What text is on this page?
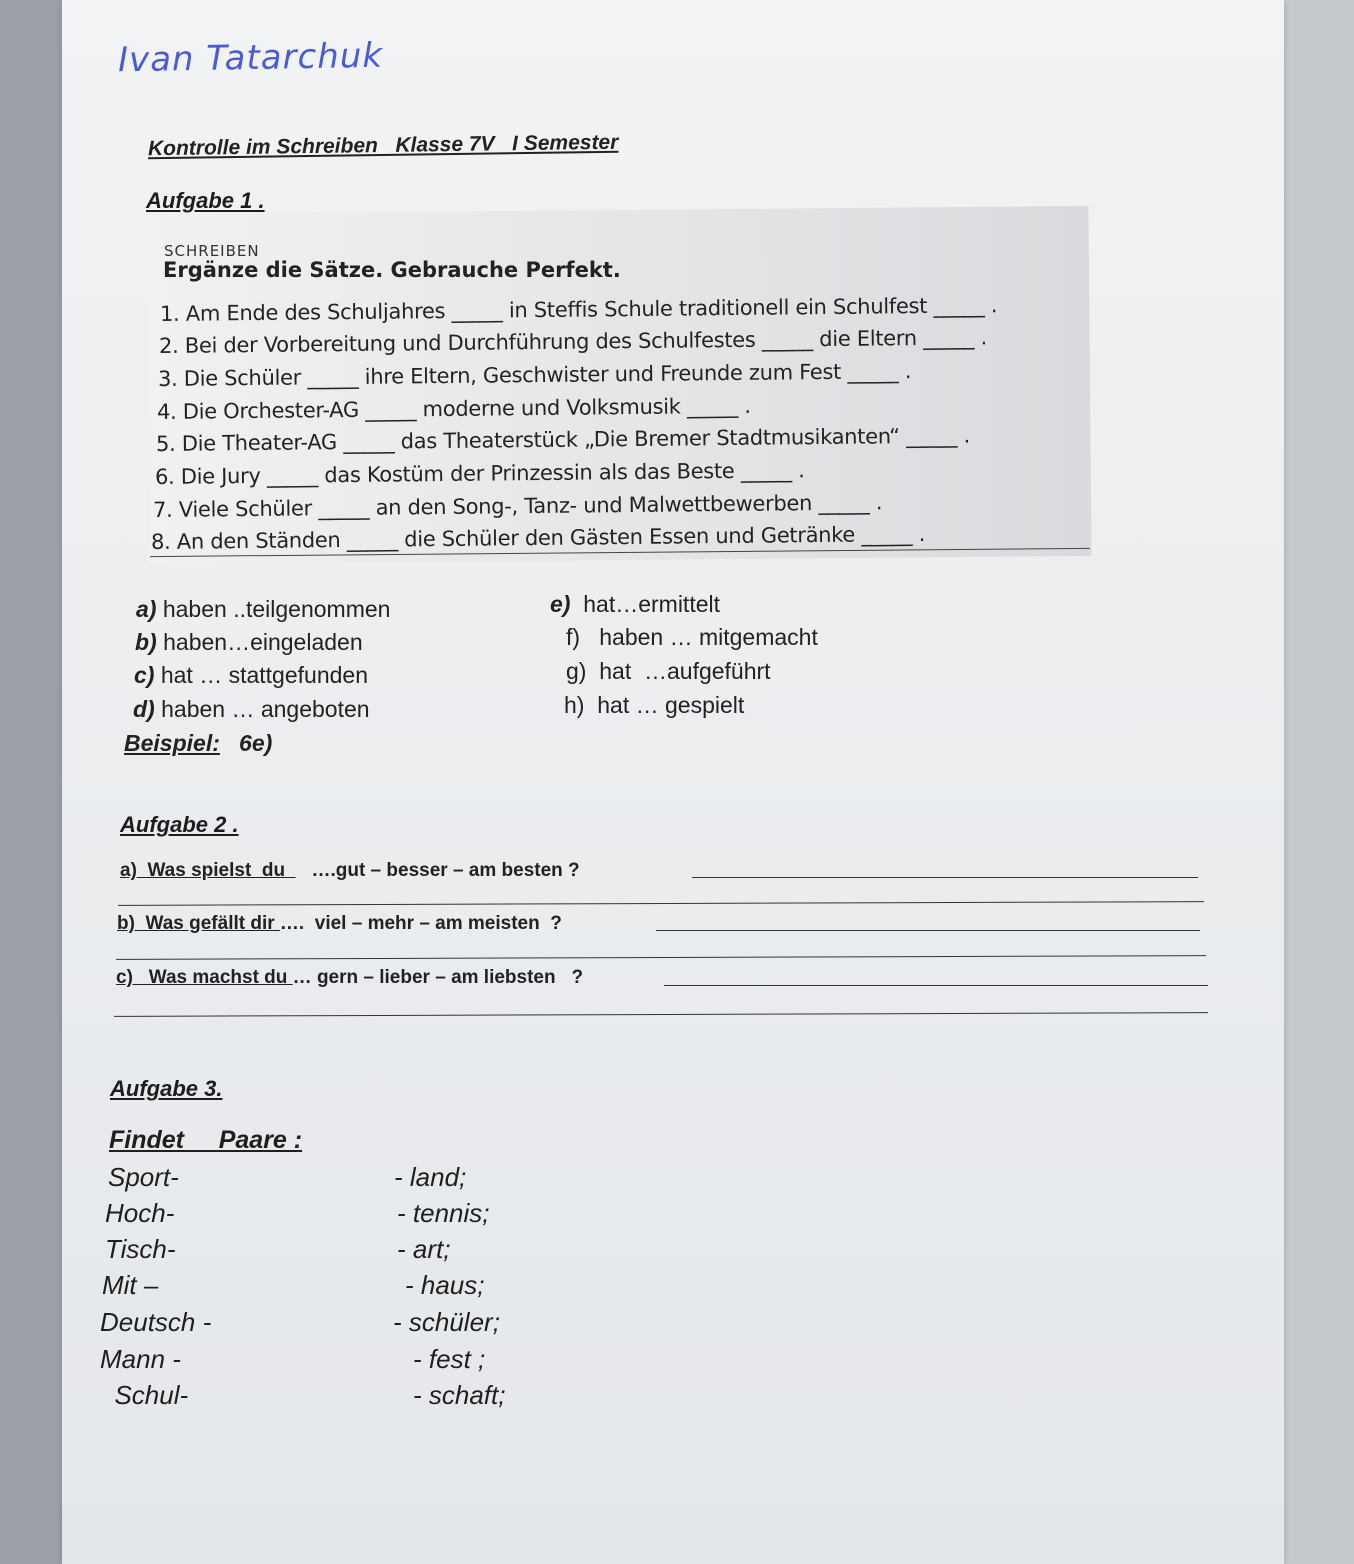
Ivan Tatarchuk
Kontrolle im Schreiben   Klasse 7V   I Semester
Aufgabe 1 .
SCHREIBEN
Ergänze die Sätze. Gebrauche Perfekt.
1. Am Ende des Schuljahres _____ in Steffis Schule traditionell ein Schulfest _____ .
2. Bei der Vorbereitung und Durchführung des Schulfestes _____ die Eltern _____ .
3. Die Schüler _____ ihre Eltern, Geschwister und Freunde zum Fest _____ .
4. Die Orchester-AG _____ moderne und Volksmusik _____ .
5. Die Theater-AG _____ das Theaterstück „Die Bremer Stadtmusikanten“ _____ .
6. Die Jury _____ das Kostüm der Prinzessin als das Beste _____ .
7. Viele Schüler _____ an den Song-, Tanz- und Malwettbewerben _____ .
8. An den Ständen _____ die Schüler den Gästen Essen und Getränke _____ .
a) haben ..teilgenommen
b) haben…eingeladen
c) hat … stattgefunden
d) haben … angeboten
e)  hat…ermittelt
f)   haben … mitgemacht
g)  hat  …aufgeführt
h)  hat … gespielt
Beispiel:   6e)
Aufgabe 2 .
a)  Was spielst  du     ….gut – besser – am besten ?
b)  Was gefällt dir ….  viel – mehr – am meisten  ?
c)   Was machst du … gern – lieber – am liebsten   ?
Aufgabe 3.
Findet     Paare :
Sport-
Hoch-
Tisch-
Mit –
Deutsch -
Mann -
Schul-
- land;
- tennis;
- art;
- haus;
- schüler;
- fest ;
- schaft;
